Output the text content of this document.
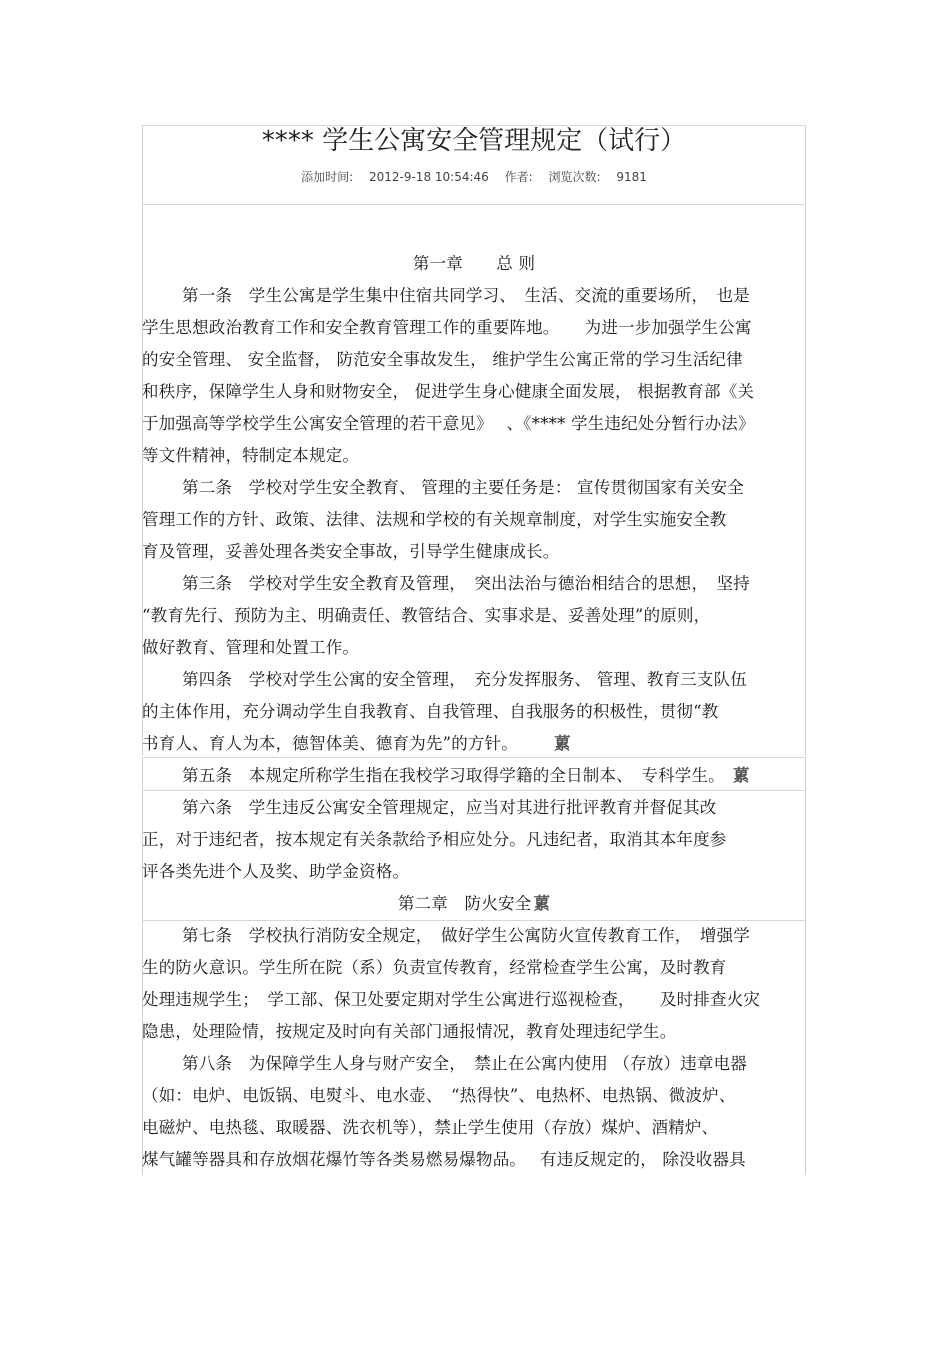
**** 学生公寓安全管理规定（试行）
添加时间: 2012-9-18 10:54:46 作者: 浏览次数: 9181
第一章　　总 则
第一条　学生公寓是学生集中住宿共同学习、　生活、交流的重要场所，　也是
学生思想政治教育工作和安全教育管理工作的重要阵地。　　为进一步加强学生公寓
的安全管理、 安全监督， 防范安全事故发生， 维护学生公寓正常的学习生活纪律
和秩序，保障学生人身和财物安全， 促进学生身心健康全面发展， 根据教育部《关
于加强高等学校学生公寓安全管理的若干意见》　 、《**** 学生违纪处分暂行办法》
等文件精神，特制定本规定。
第二条　学校对学生安全教育、 管理的主要任务是： 宣传贯彻国家有关安全
管理工作的方针、政策、法律、法规和学校的有关规章制度，对学生实施安全教
育及管理，妥善处理各类安全事故，引导学生健康成长。
第三条　学校对学生安全教育及管理，　突出法治与德治相结合的思想，　坚持
“教育先行、预防为主、明确责任、教管结合、实事求是、妥善处理”的原则，
做好教育、管理和处置工作。
第四条　学校对学生公寓的安全管理，　充分发挥服务、 管理、教育三支队伍
的主体作用，充分调动学生自我教育、自我管理、自我服务的积极性，贯彻“教
书育人、育人为本，德智体美、德育为先”的方针。 蔂
第五条　本规定所称学生指在我校学习取得学籍的全日制本、　专科学生。 蔂
第六条　学生违反公寓安全管理规定，应当对其进行批评教育并督促其改
正，对于违纪者，按本规定有关条款给予相应处分。凡违纪者，取消其本年度参
评各类先进个人及奖、助学金资格。
第二章　防火安全 蔂
第七条　学校执行消防安全规定，　做好学生公寓防火宣传教育工作，　增强学
生的防火意识。学生所在院（系）负责宣传教育，经常检查学生公寓，及时教育
处理违规学生；　学工部、保卫处要定期对学生公寓进行巡视检查，　　及时排查火灾
隐患，处理险情，按规定及时向有关部门通报情况，教育处理违纪学生。
第八条　为保障学生人身与财产安全，　禁止在公寓内使用 （存放）违章电器
（如：电炉、电饭锅、电熨斗、电水壶、　“热得快”、电热杯、电热锅、微波炉、
电磁炉、电热毯、取暖器、洗衣机等），禁止学生使用（存放）煤炉、酒精炉、
煤气罐等器具和存放烟花爆竹等各类易燃易爆物品。　 有违反规定的， 除没收器具
